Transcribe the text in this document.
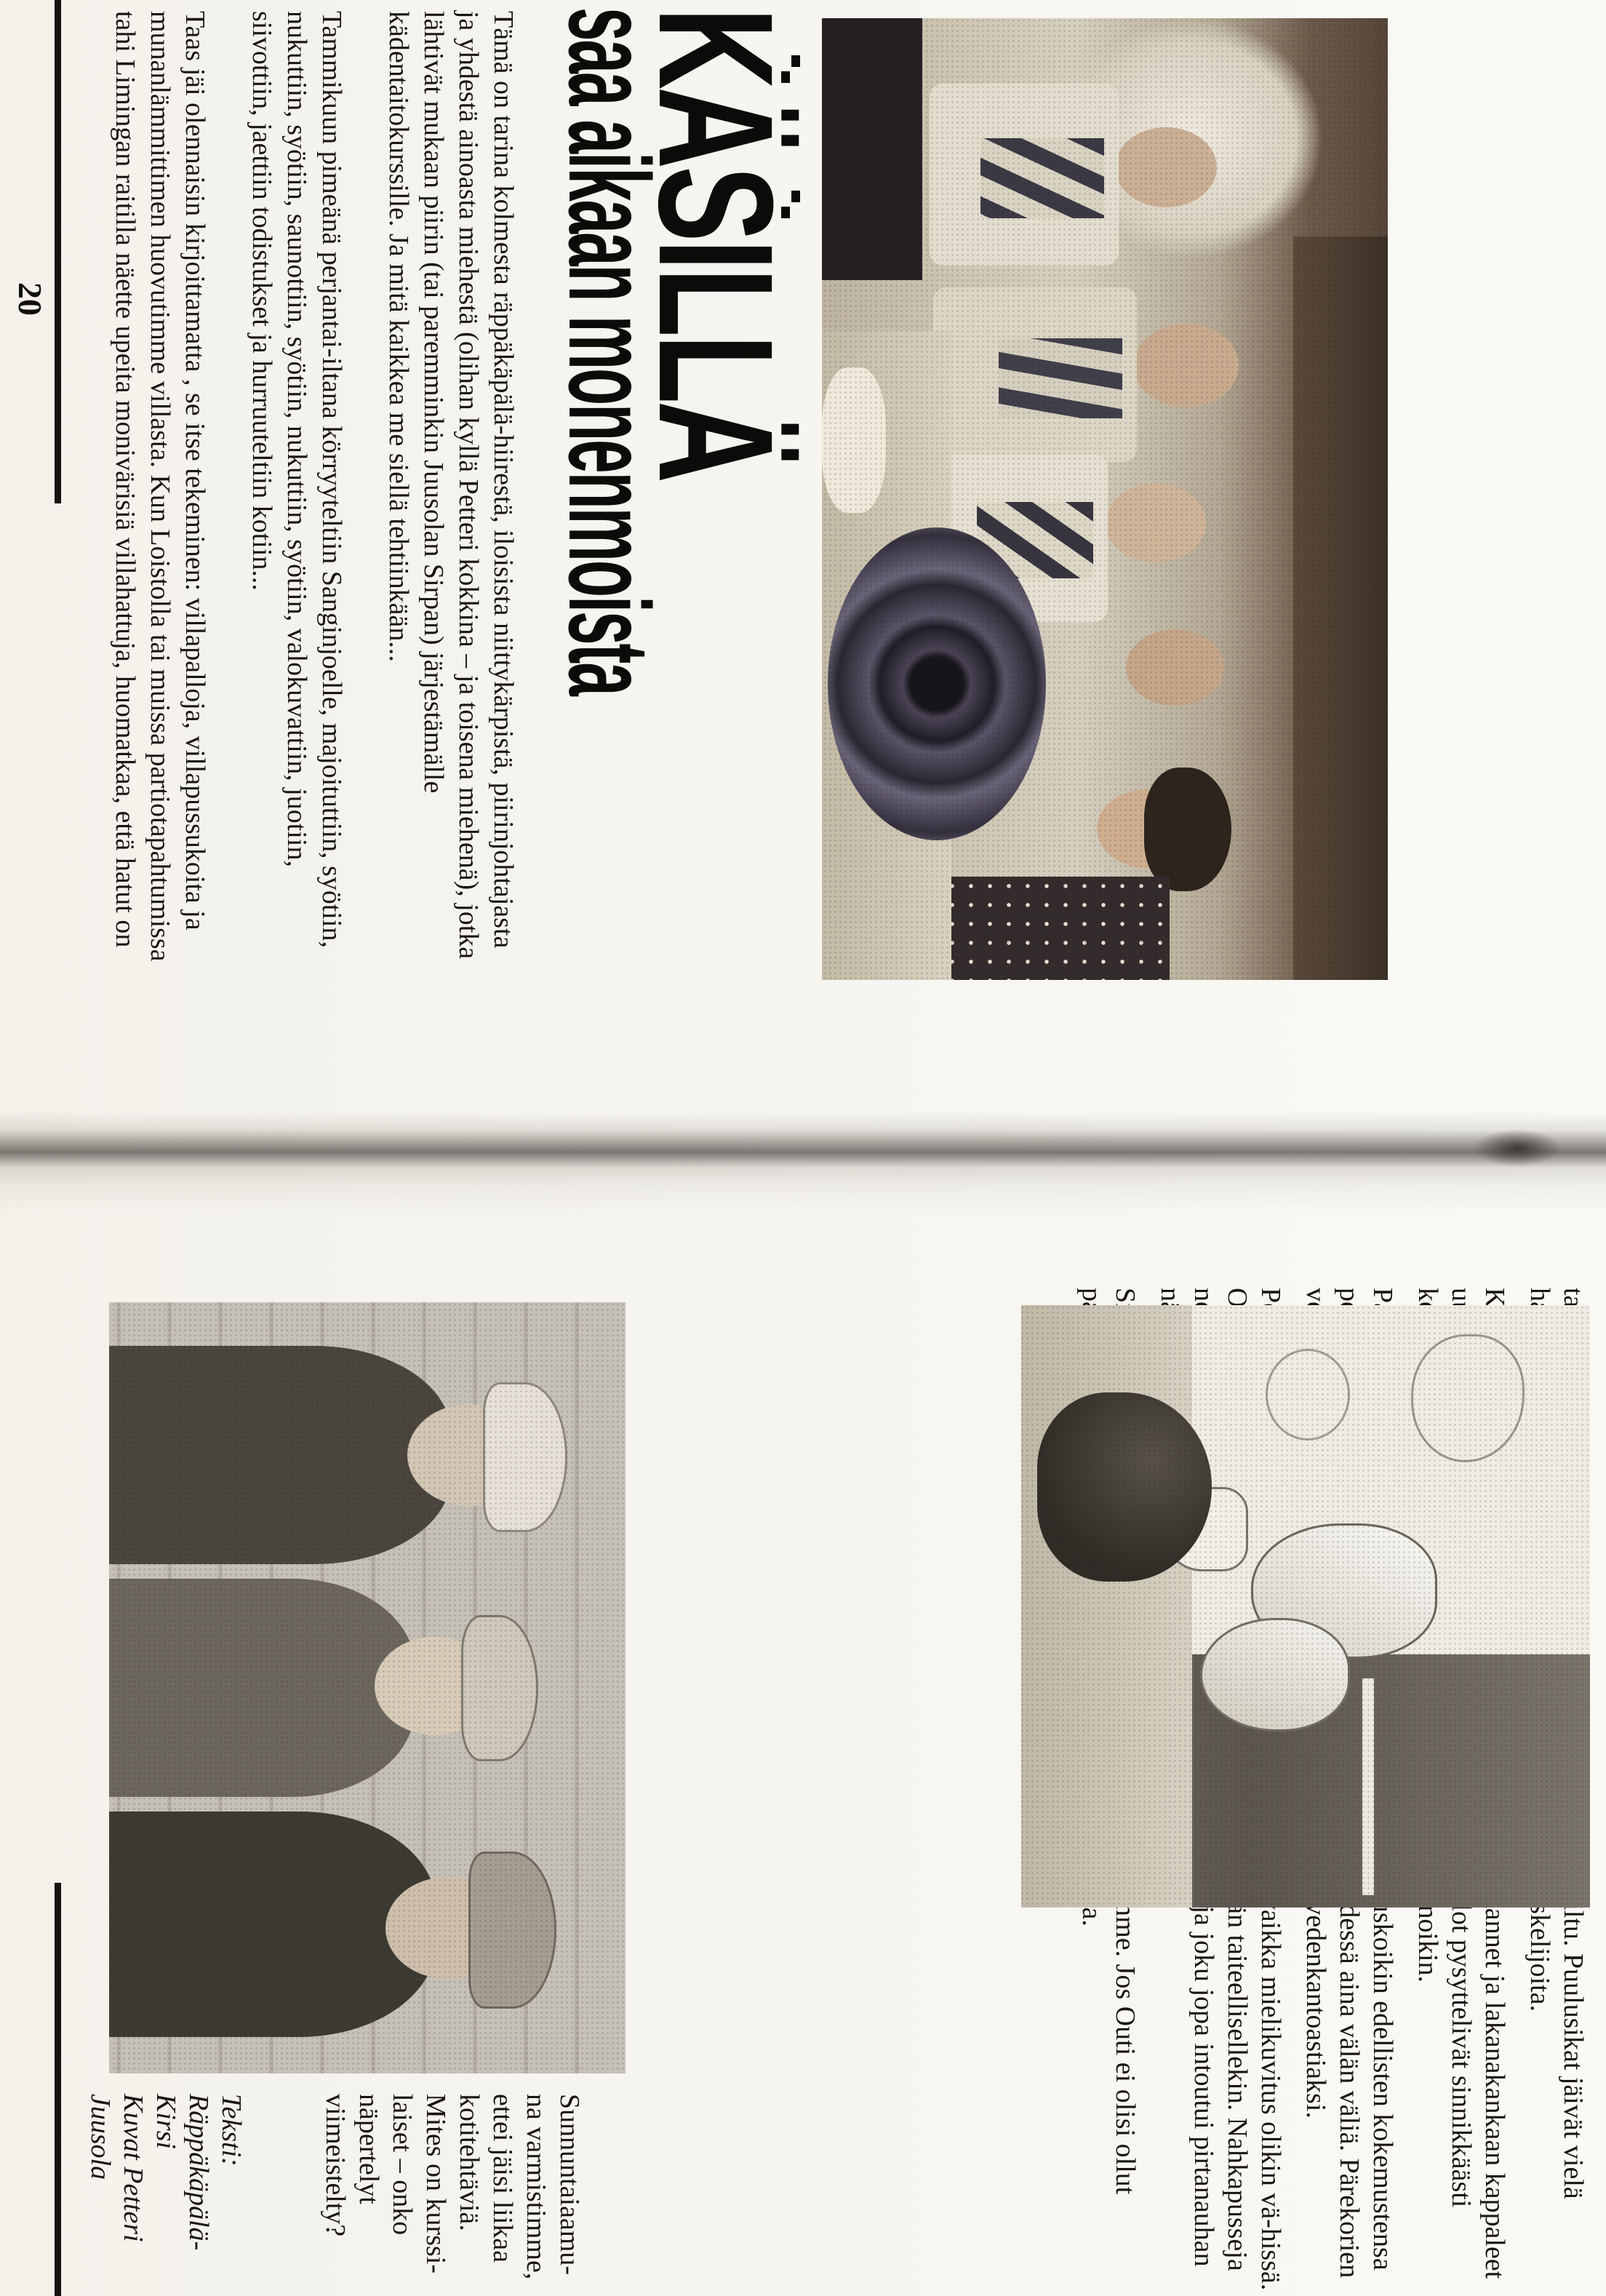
KÄSILLÄ
saa aikaan monenmoista

Tämä on tarina kolmesta räppäkäpälä-hiirestä, iloisista niittykärpistä, piirinjohtajasta
ja yhdestä ainoasta miehestä (olihan kyllä Petteri kokkina – ja toisena miehenä), jotka
lähtivät mukaan piirin (tai paremminkin Juusolan Sirpan) järjestämälle
kädentaitokurssille. Ja mitä kaikkea me siellä tehtiinkään...

Tammikuun pimeänä perjantai-iltana körryyteltiin Sanginjoelle, majoituttiin, syötiin,
nukuttiin, syötiin, saunottiin, syötiin, nukuttiin, syötiin, valokuvattiin, juotiin,
siivottiin, jaettiin todistukset ja hurruuteltiin kotiin...

Taas jäi olennaisin kirjoittamatta , se itse tekeminen: villapalloja, villapussukoita ja
munanlämmittimen huovutimme villasta. Kun Loistolla tai muissa partiotapahtumissa
tahi Limingan raitilla näette upeita monivärisiä villahattuja, huomatkaa, että hatut on

20

Sunnuntaiaamu-
na varmistimme,
ettei jäisi liikaa
kotitehtäviä.
Mites on kurssi-
laiset – onko
näpertelyt
viimeistelty?
Teksti:
Räppäkäpälä-
Kirsi
Kuvat Petteri
Juusola
